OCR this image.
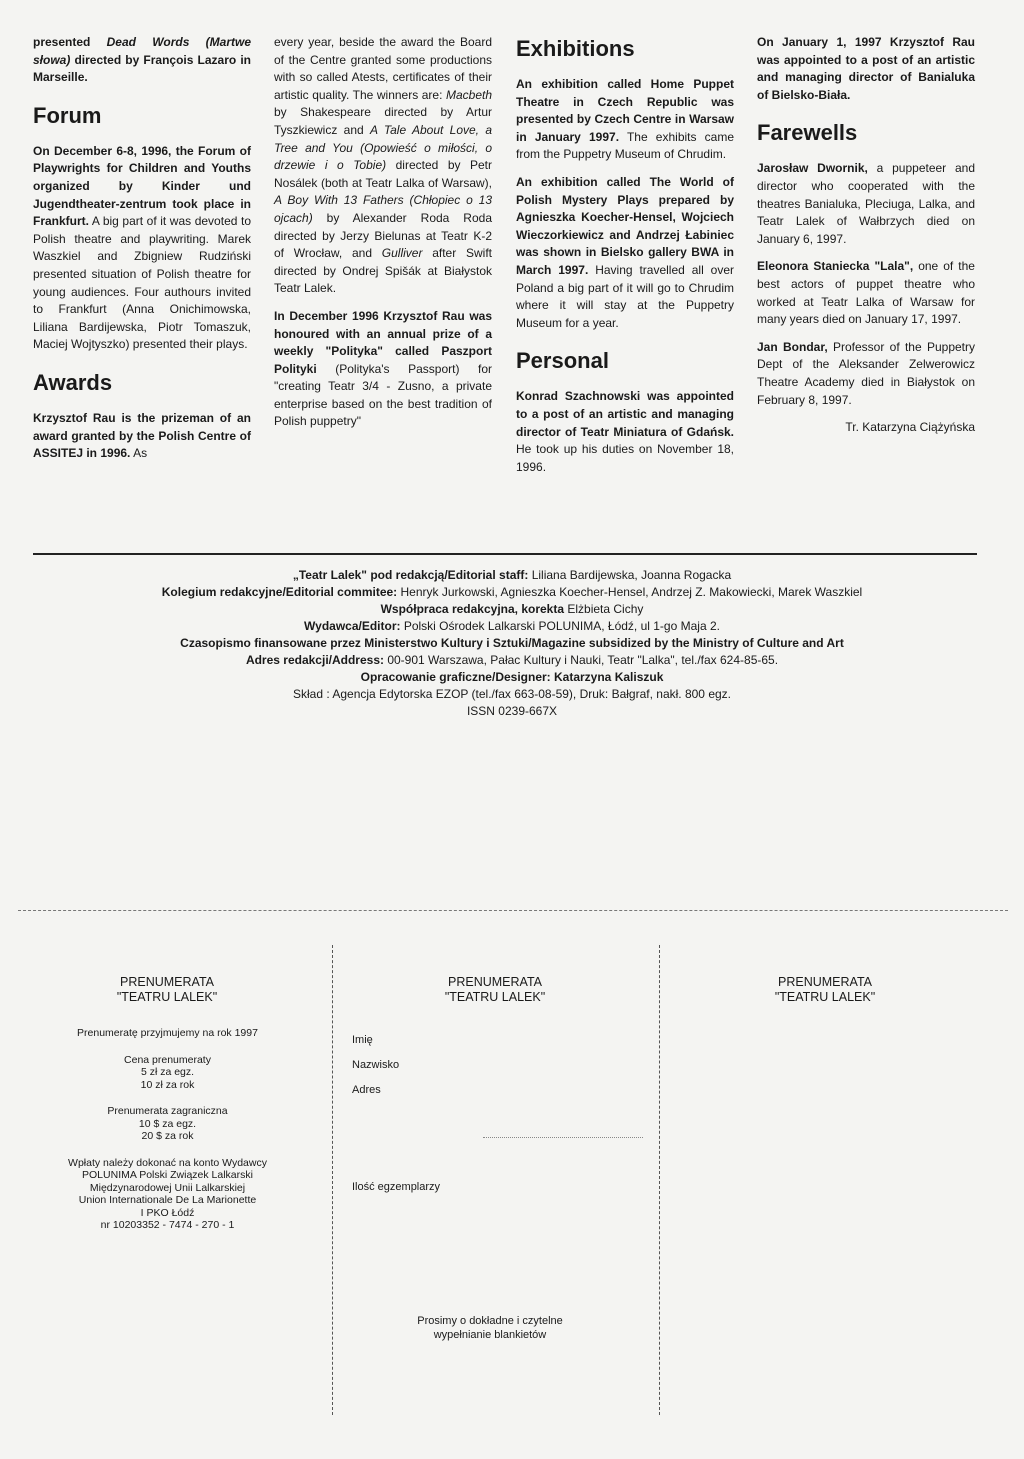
presented Dead Words (Martwe słowa) directed by François Lazaro in Marseille.

Forum

On December 6-8, 1996, the Forum of Playwrights for Children and Youths organized by Kinder und Jugendtheater-zentrum took place in Frankfurt. A big part of it was devoted to Polish theatre and playwriting. Marek Waszkiel and Zbigniew Rudziński presented situation of Polish theatre for young audiences. Four authours invited to Frankfurt (Anna Onichimowska, Liliana Bardijewska, Piotr Tomaszuk, Maciej Wojtyszko) presented their plays.

Awards

Krzysztof Rau is the prizeman of an award granted by the Polish Centre of ASSITEJ in 1996. As

every year, beside the award the Board of the Centre granted some productions with so called Atests, certificates of their artistic quality. The winners are: Macbeth by Shakespeare directed by Artur Tyszkiewicz and A Tale About Love, a Tree and You (Opowieść o miłości, o drzewie i o Tobie) directed by Petr Nosálek (both at Teatr Lalka of Warsaw), A Boy With 13 Fathers (Chłopiec o 13 ojcach) by Alexander Roda Roda directed by Jerzy Bielunas at Teatr K-2 of Wrocław, and Gulliver after Swift directed by Ondrej Spišák at Białystok Teatr Lalek.

In December 1996 Krzysztof Rau was honoured with an annual prize of a weekly "Polityka" called Paszport Polityki (Polityka's Passport) for "creating Teatr 3/4 - Zusno, a private enterprise based on the best tradition of Polish puppetry"

Exhibitions

An exhibition called Home Puppet Theatre in Czech Republic was presented by Czech Centre in Warsaw in January 1997. The exhibits came from the Puppetry Museum of Chrudim.

An exhibition called The World of Polish Mystery Plays prepared by Agnieszka Koecher-Hensel, Wojciech Wieczorkiewicz and Andrzej Łabiniec was shown in Bielsko gallery BWA in March 1997. Having travelled all over Poland a big part of it will go to Chrudim where it will stay at the Puppetry Museum for a year.

Personal

Konrad Szachnowski was appointed to a post of an artistic and managing director of Teatr Miniatura of Gdańsk. He took up his duties on November 18, 1996.

On January 1, 1997 Krzysztof Rau was appointed to a post of an artistic and managing director of Banialuka of Bielsko-Biała.

Farewells

Jarosław Dwornik, a puppeteer and director who cooperated with the theatres Banialuka, Pleciuga, Lalka, and Teatr Lalek of Wałbrzych died on January 6, 1997.

Eleonora Staniecka "Lala", one of the best actors of puppet theatre who worked at Teatr Lalka of Warsaw for many years died on January 17, 1997.

Jan Bondar, Professor of the Puppetry Dept of the Aleksander Zelwerowicz Theatre Academy died in Białystok on February 8, 1997.

Tr. Katarzyna Ciążyńska

„Teatr Lalek" pod redakcją/Editorial staff: Liliana Bardijewska, Joanna Rogacka
Kolegium redakcyjne/Editorial commitee: Henryk Jurkowski, Agnieszka Koecher-Hensel, Andrzej Z. Makowiecki, Marek Waszkiel
Współpraca redakcyjna, korekta Elżbieta Cichy
Wydawca/Editor: Polski Ośrodek Lalkarski POLUNIMA, Łódź, ul 1-go Maja 2.
Czasopismo finansowane przez Ministerstwo Kultury i Sztuki/Magazine subsidized by the Ministry of Culture and Art
Adres redakcji/Address: 00-901 Warszawa, Pałac Kultury i Nauki, Teatr "Lalka", tel./fax 624-85-65.
Opracowanie graficzne/Designer: Katarzyna Kaliszuk
Skład : Agencja Edytorska EZOP (tel./fax 663-08-59), Druk: Bałgraf, nakł. 800 egz.
ISSN 0239-667X
PRENUMERATA
"TEATRU LALEK"
PRENUMERATA
"TEATRU LALEK"
PRENUMERATA
"TEATRU LALEK"

Prenumeratę przyjmujemy na rok 1997

Cena prenumeraty
5 zł za egz.
10 zł za rok

Prenumerata zagraniczna
10 $ za egz.
20 $ za rok

Wpłaty należy dokonać na konto Wydawcy
POLUNIMA Polski Związek Lalkarski
Międzynarodowej Unii Lalkarskiej
Union Internationale De La Marionette
I PKO Łódź
nr 10203352 - 7474 - 270 - 1

Imię
Nazwisko
Adres
Ilość egzemplarzy
Prosimy o dokładne i czytelne
wypełnianie blankietów
